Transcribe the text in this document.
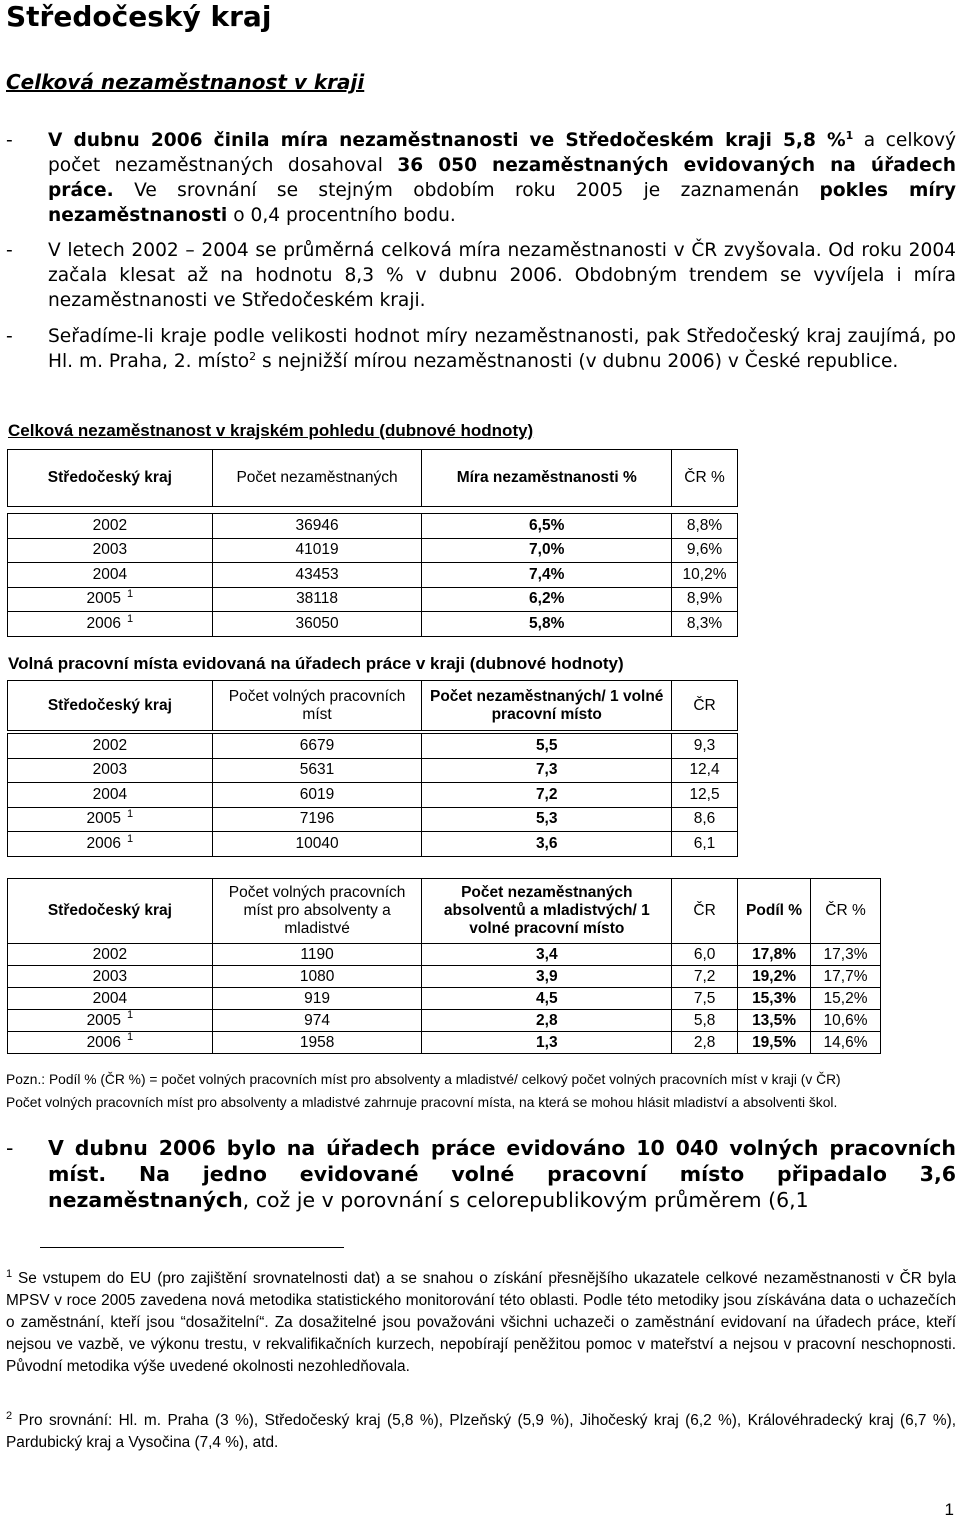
Středočeský kraj
Celková nezaměstnanost v kraji
- V dubnu 2006 činila míra nezaměstnanosti ve Středočeském kraji 5,8 %$^1$ a celkový počet nezaměstnaných dosahoval 36 050 nezaměstnaných evidovaných na úřadech práce. Ve srovnání se stejným obdobím roku 2005 je zaznamenán pokles míry nezaměstnanosti o 0,4 procentního bodu.
- V letech 2002 – 2004 se průměrná celková míra nezaměstnanosti v ČR zvyšovala. Od roku 2004 začala klesat až na hodnotu 8,3 % v dubnu 2006. Obdobným trendem se vyvíjela i míra nezaměstnanosti ve Středočeském kraji.
- Seřadíme-li kraje podle velikosti hodnot míry nezaměstnanosti, pak Středočeský kraj zaujímá, po Hl. m. Praha, 2. místo$^2$ s nejnižší mírou nezaměstnanosti (v dubnu 2006) v České republice.
Celková nezaměstnanost v krajském pohledu (dubnové hodnoty)
Středočeský kraj	Počet nezaměstnaných	Míra nezaměstnanosti %	ČR %

2002	36946	6,5%	8,8%
2003	41019	7,0%	9,6%
2004	43453	7,4%	10,2%
2005 $^1$	38118	6,2%	8,9%
2006 $^1$	36050	5,8%	8,3%
Volná pracovní místa evidovaná na úřadech práce v kraji (dubnové hodnoty)
Středočeský kraj	Počet volných pracovních míst	Počet nezaměstnaných/ 1 volné pracovní místo	ČR

2002	6679	5,5	9,3
2003	5631	7,3	12,4
2004	6019	7,2	12,5
2005 $^1$	7196	5,3	8,6
2006 $^1$	10040	3,6	6,1
Středočeský kraj	Počet volných pracovních míst pro absolventy a mladistvé	Počet nezaměstnaných absolventů a mladistvých/ 1 volné pracovní místo	ČR	Podíl %	ČR %
2002	1190	3,4	6,0	17,8%	17,3%
2003	1080	3,9	7,2	19,2%	17,7%
2004	919	4,5	7,5	15,3%	15,2%
2005 $^1$	974	2,8	5,8	13,5%	10,6%
2006 $^1$	1958	1,3	2,8	19,5%	14,6%
Pozn.: Podíl % (ČR %) = počet volných pracovních míst pro absolventy a mladistvé/ celkový počet volných pracovních míst v kraji (v ČR)
Počet volných pracovních míst pro absolventy a mladistvé zahrnuje pracovní místa, na která se mohou hlásit mladiství a absolventi škol.
- V dubnu 2006 bylo na úřadech práce evidováno 10 040 volných pracovních míst. Na jedno evidované volné pracovní místo připadalo 3,6 nezaměstnaných, což je v porovnání s celorepublikovým průměrem (6,1
$^1$ Se vstupem do EU (pro zajištění srovnatelnosti dat) a se snahou o získání přesnějšího ukazatele celkové nezaměstnanosti v ČR byla MPSV v roce 2005 zavedena nová metodika statistického monitorování této oblasti. Podle této metodiky jsou získávána data o uchazečích o zaměstnání, kteří jsou “dosažitelní“. Za dosažitelné jsou považováni všichni uchazeči o zaměstnání evidovaní na úřadech práce, kteří nejsou ve vazbě, ve výkonu trestu, v rekvalifikačních kurzech, nepobírají peněžitou pomoc v mateřství a nejsou v pracovní neschopnosti. Původní metodika výše uvedené okolnosti nezohledňovala.
$^2$ Pro srovnání: Hl. m. Praha (3 %), Středočeský kraj (5,8 %), Plzeňský (5,9 %), Jihočeský kraj (6,2 %), Královéhradecký kraj (6,7 %), Pardubický kraj a Vysočina (7,4 %), atd.
1
